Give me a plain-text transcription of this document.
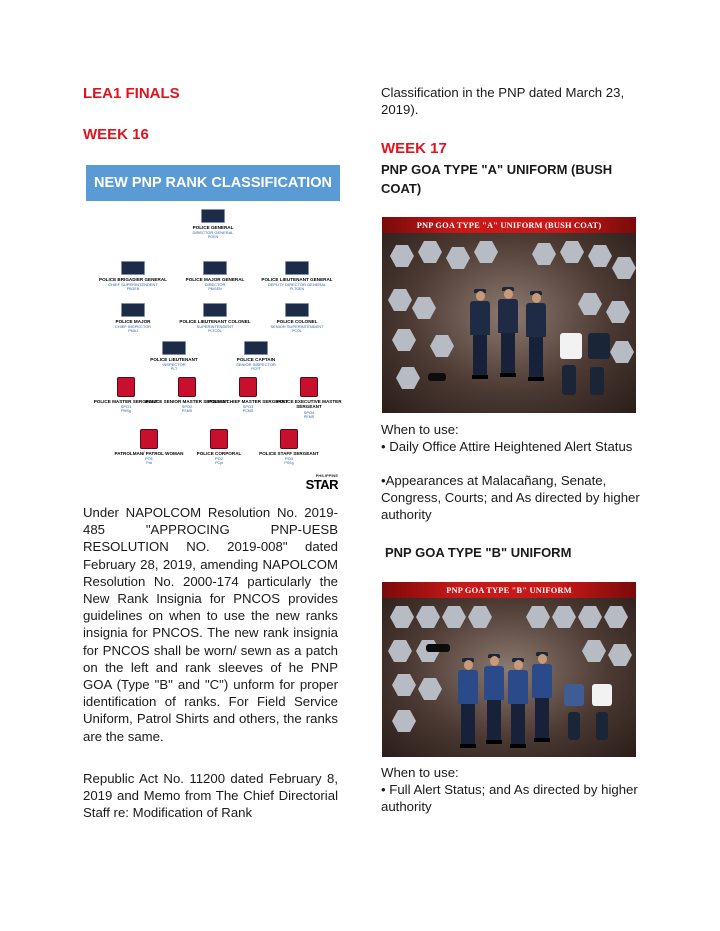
LEA1 FINALS
WEEK 16
NEW PNP RANK CLASSIFICATION
POLICE GENERAL
DIRECTOR GENERAL
PGEN
POLICE BRIGADIER GENERAL
CHIEF SUPERINTENDENT
PBGEN
POLICE MAJOR GENERAL
DIRECTOR
PMGEN
POLICE LIEUTENANT GENERAL
DEPUTY DIRECTOR GENERAL
PLTGEN
POLICE MAJOR
CHIEF INSPECTOR
PMAJ
POLICE LIEUTENANT COLONEL
SUPERINTENDENT
PLTCOL
POLICE COLONEL
SENIOR SUPERINTENDENT
PCOL
POLICE LIEUTENANT
INSPECTOR
PLT
POLICE CAPTAIN
SENIOR INSPECTOR
PCPT
POLICE MASTER SERGEANT
SPO1
PMSg
POLICE SENIOR MASTER SERGEANT
SPO2
PSMS
POLICE CHIEF MASTER SERGEANT
SPO3
PCMS
POLICE EXECUTIVE MASTER SERGEANT
SPO4
PEMS
PATROLMAN/ PATROL WOMAN
PO1
Pat
POLICE CORPORAL
PO2
PCpl
POLICE STAFF SERGEANT
PO3
PSSg
PHILIPPINE
STAR
Under NAPOLCOM Resolution No. 2019-485 "APPROCING PNP-UESB RESOLUTION NO. 2019-008" dated February 28, 2019, amending NAPOLCOM Resolution No. 2000-174 particularly the New Rank Insignia for PNCOS provides guidelines on when to use the new ranks insignia for PNCOS. The new rank insignia for PNCOS shall be worn/ sewn as a patch on the left and rank sleeves of he PNP GOA (Type "B" and "C") unform for proper identification of ranks. For Field Service Uniform, Patrol Shirts and others, the ranks are the same.
Republic Act No. 11200 dated February 8, 2019 and Memo from The Chief Directorial Staff re: Modification of Rank
Classification in the PNP dated March 23, 2019).
WEEK 17
PNP GOA TYPE "A" UNIFORM (BUSH COAT)
PNP GOA TYPE "A" UNIFORM (BUSH COAT)
When to use:
• Daily Office Attire Heightened Alert Status
•Appearances at Malacañang, Senate, Congress, Courts; and As directed by higher authority
PNP GOA TYPE "B" UNIFORM
PNP GOA TYPE "B" UNIFORM
When to use:
• Full Alert Status; and As directed by higher authority
